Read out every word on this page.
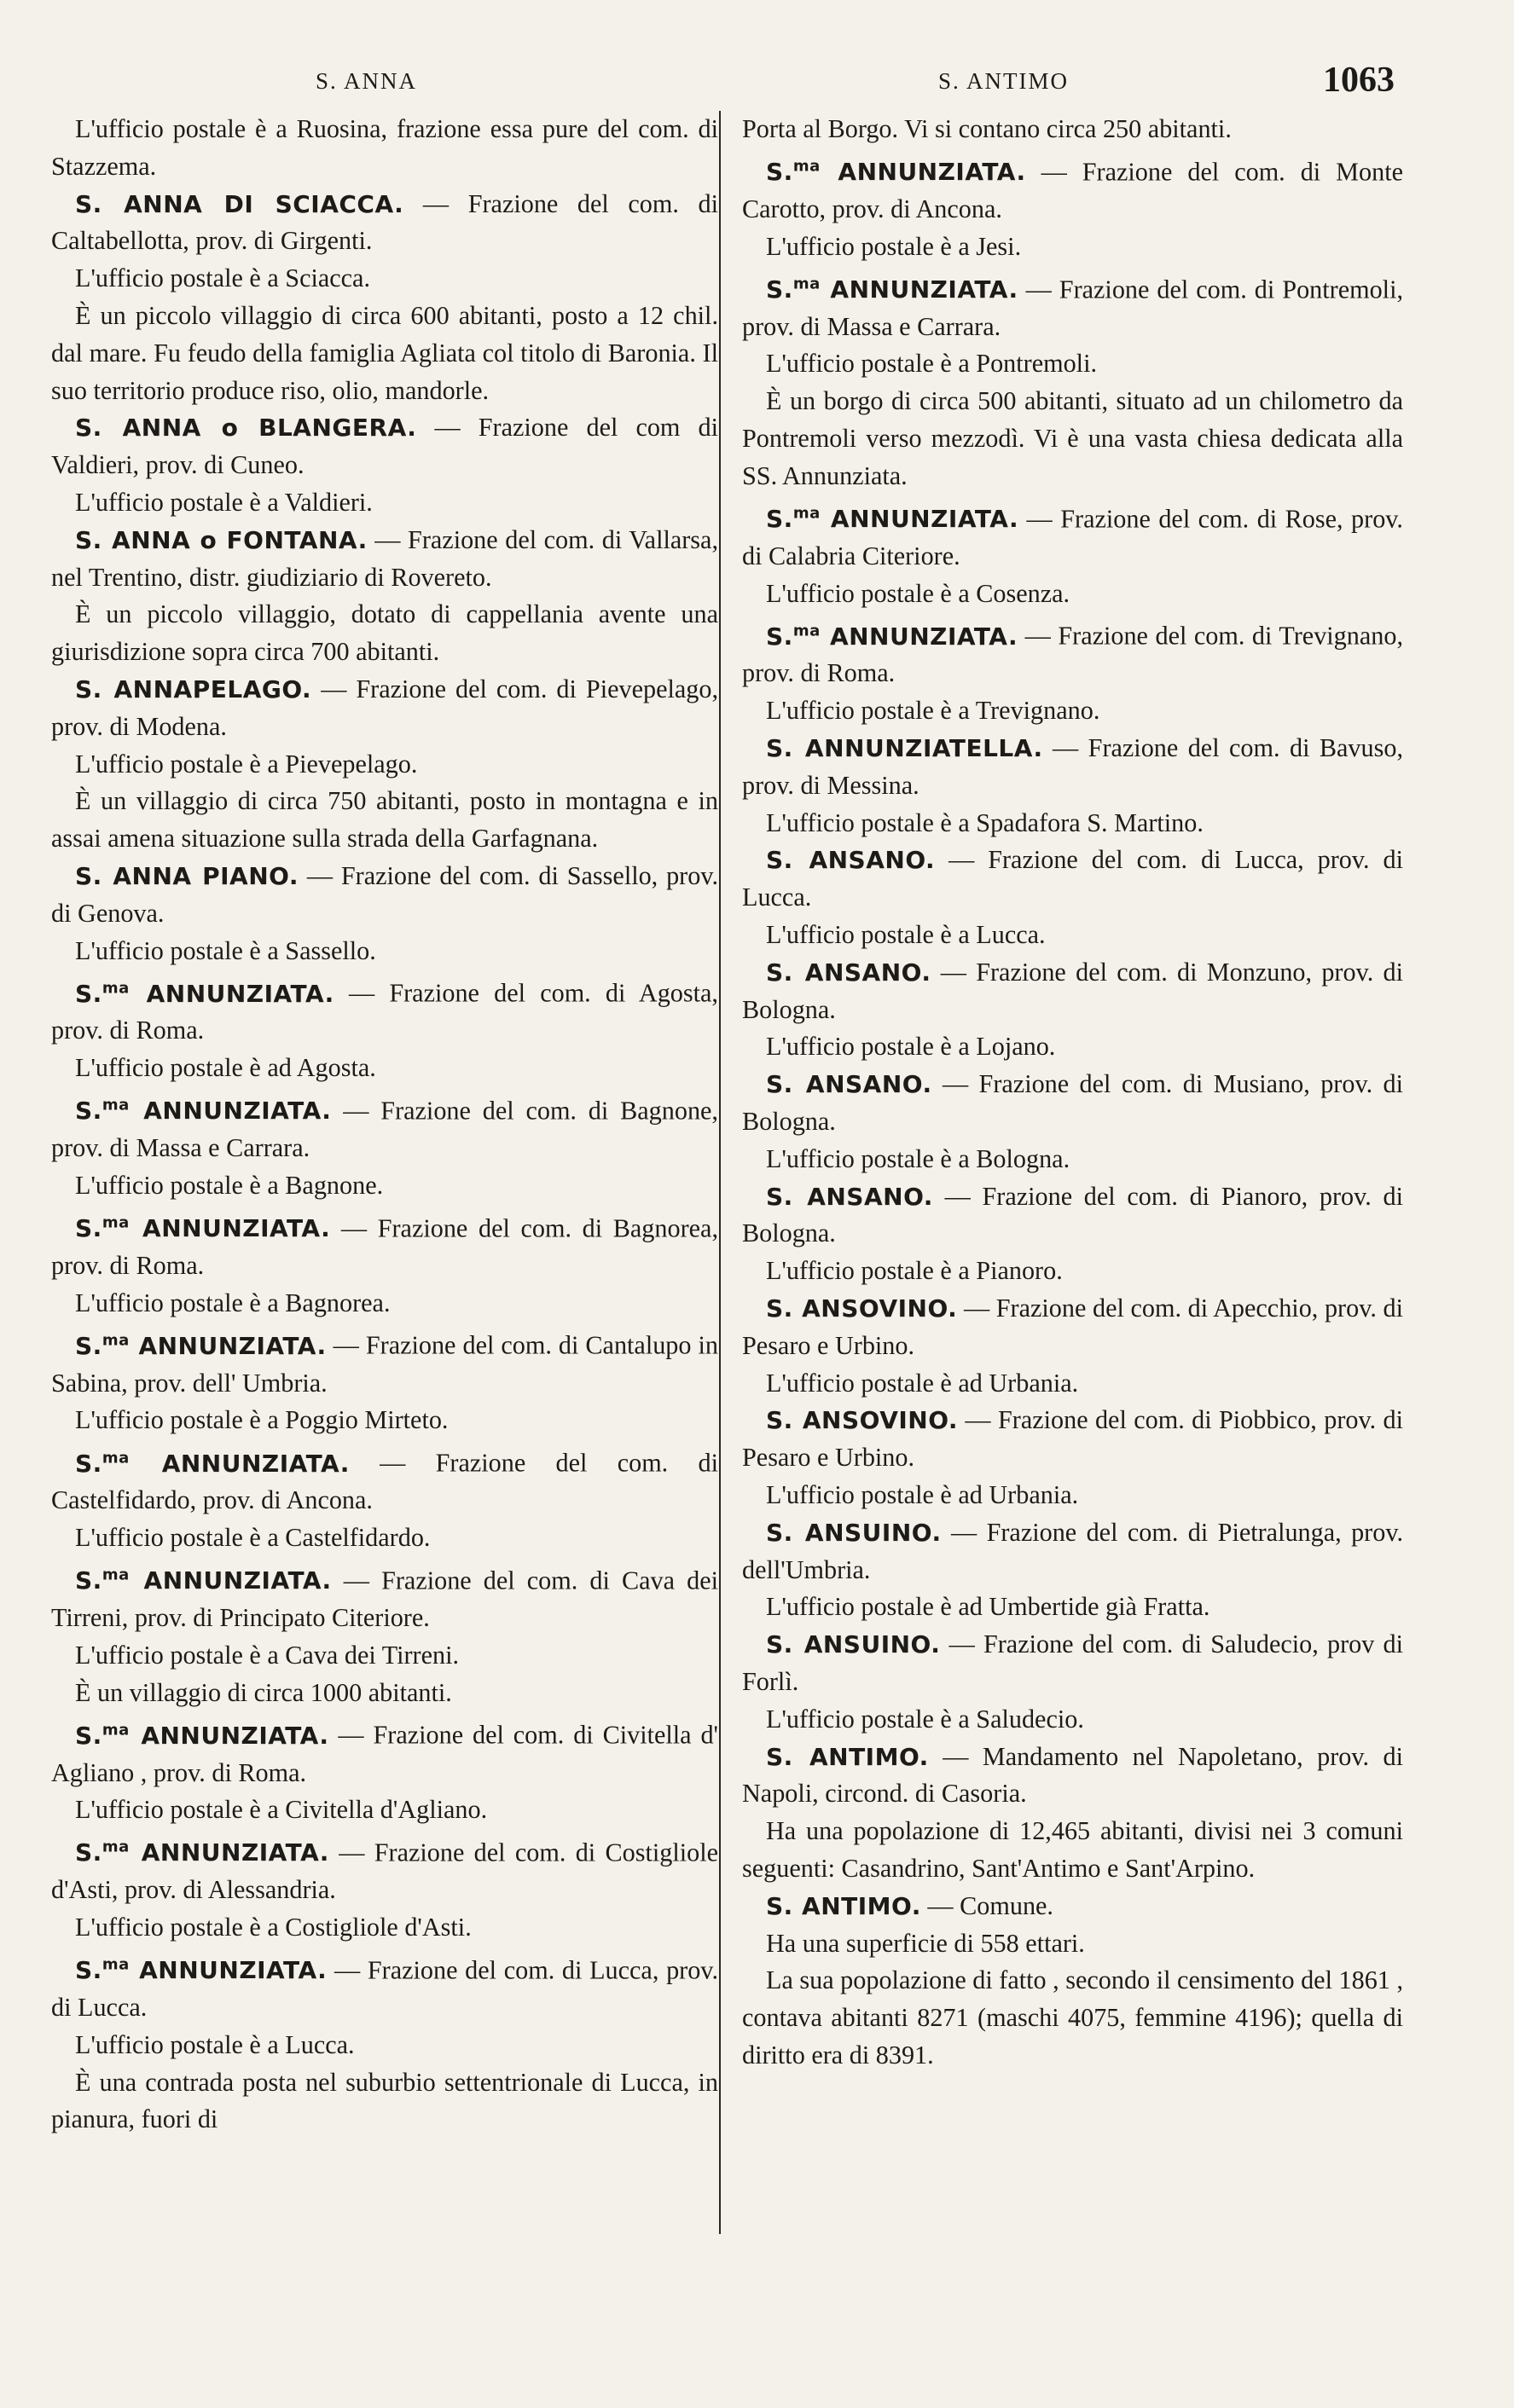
S. ANNA	S. ANTIMO	1063

L'ufficio postale è a Ruosina, frazione essa pure del com. di Stazzema.

S. ANNA DI SCIACCA. — Frazione del com. di Caltabellotta, prov. di Girgenti.

L'ufficio postale è a Sciacca.

È un piccolo villaggio di circa 600 abitanti, posto a 12 chil. dal mare. Fu feudo della famiglia Agliata col titolo di Baronia. Il suo territorio produce riso, olio, mandorle.

S. ANNA o BLANGERA. — Frazione del com di Valdieri, prov. di Cuneo.

L'ufficio postale è a Valdieri.

S. ANNA o FONTANA. — Frazione del com. di Vallarsa, nel Trentino, distr. giudiziario di Rovereto.

È un piccolo villaggio, dotato di cappellania avente una giurisdizione sopra circa 700 abitanti.

S. ANNAPELAGO. — Frazione del com. di Pievepelago, prov. di Modena.

L'ufficio postale è a Pievepelago.

È un villaggio di circa 750 abitanti, posto in montagna e in assai amena situazione sulla strada della Garfagnana.

S. ANNA PIANO. — Frazione del com. di Sassello, prov. di Genova.

L'ufficio postale è a Sassello.

S.$^{ma}$ ANNUNZIATA. — Frazione del com. di Agosta, prov. di Roma.

L'ufficio postale è ad Agosta.

S.$^{ma}$ ANNUNZIATA. — Frazione del com. di Bagnone, prov. di Massa e Carrara.

L'ufficio postale è a Bagnone.

S.$^{ma}$ ANNUNZIATA. — Frazione del com. di Bagnorea, prov. di Roma.

L'ufficio postale è a Bagnorea.

S.$^{ma}$ ANNUNZIATA. — Frazione del com. di Cantalupo in Sabina, prov. dell' Umbria.

L'ufficio postale è a Poggio Mirteto.

S.$^{ma}$ ANNUNZIATA. — Frazione del com. di Castelfidardo, prov. di Ancona.

L'ufficio postale è a Castelfidardo.

S.$^{ma}$ ANNUNZIATA. — Frazione del com. di Cava dei Tirreni, prov. di Principato Citeriore.

L'ufficio postale è a Cava dei Tirreni.

È un villaggio di circa 1000 abitanti.

S.$^{ma}$ ANNUNZIATA. — Frazione del com. di Civitella d' Agliano , prov. di Roma.

L'ufficio postale è a Civitella d'Agliano.

S.$^{ma}$ ANNUNZIATA. — Frazione del com. di Costigliole d'Asti, prov. di Alessandria.

L'ufficio postale è a Costigliole d'Asti.

S.$^{ma}$ ANNUNZIATA. — Frazione del com. di Lucca, prov. di Lucca.

L'ufficio postale è a Lucca.

È una contrada posta nel suburbio settentrionale di Lucca, in pianura, fuori di

Porta al Borgo. Vi si contano circa 250 abitanti.

S.$^{ma}$ ANNUNZIATA. — Frazione del com. di Monte Carotto, prov. di Ancona.

L'ufficio postale è a Jesi.

S.$^{ma}$ ANNUNZIATA. — Frazione del com. di Pontremoli, prov. di Massa e Carrara.

L'ufficio postale è a Pontremoli.

È un borgo di circa 500 abitanti, situato ad un chilometro da Pontremoli verso mezzodì. Vi è una vasta chiesa dedicata alla SS. Annunziata.

S.$^{ma}$ ANNUNZIATA. — Frazione del com. di Rose, prov. di Calabria Citeriore.

L'ufficio postale è a Cosenza.

S.$^{ma}$ ANNUNZIATA. — Frazione del com. di Trevignano, prov. di Roma.

L'ufficio postale è a Trevignano.

S. ANNUNZIATELLA. — Frazione del com. di Bavuso, prov. di Messina.

L'ufficio postale è a Spadafora S. Martino.

S. ANSANO. — Frazione del com. di Lucca, prov. di Lucca.

L'ufficio postale è a Lucca.

S. ANSANO. — Frazione del com. di Monzuno, prov. di Bologna.

L'ufficio postale è a Lojano.

S. ANSANO. — Frazione del com. di Musiano, prov. di Bologna.

L'ufficio postale è a Bologna.

S. ANSANO. — Frazione del com. di Pianoro, prov. di Bologna.

L'ufficio postale è a Pianoro.

S. ANSOVINO. — Frazione del com. di Apecchio, prov. di Pesaro e Urbino.

L'ufficio postale è ad Urbania.

S. ANSOVINO. — Frazione del com. di Piobbico, prov. di Pesaro e Urbino.

L'ufficio postale è ad Urbania.

S. ANSUINO. — Frazione del com. di Pietralunga, prov. dell'Umbria.

L'ufficio postale è ad Umbertide già Fratta.

S. ANSUINO. — Frazione del com. di Saludecio, prov di Forlì.

L'ufficio postale è a Saludecio.

S. ANTIMO. — Mandamento nel Napoletano, prov. di Napoli, circond. di Casoria.

Ha una popolazione di 12,465 abitanti, divisi nei 3 comuni seguenti: Casandrino, Sant'Antimo e Sant'Arpino.

S. ANTIMO. — Comune.

Ha una superficie di 558 ettari.

La sua popolazione di fatto , secondo il censimento del 1861 , contava abitanti 8271 (maschi 4075, femmine 4196); quella di diritto era di 8391.
